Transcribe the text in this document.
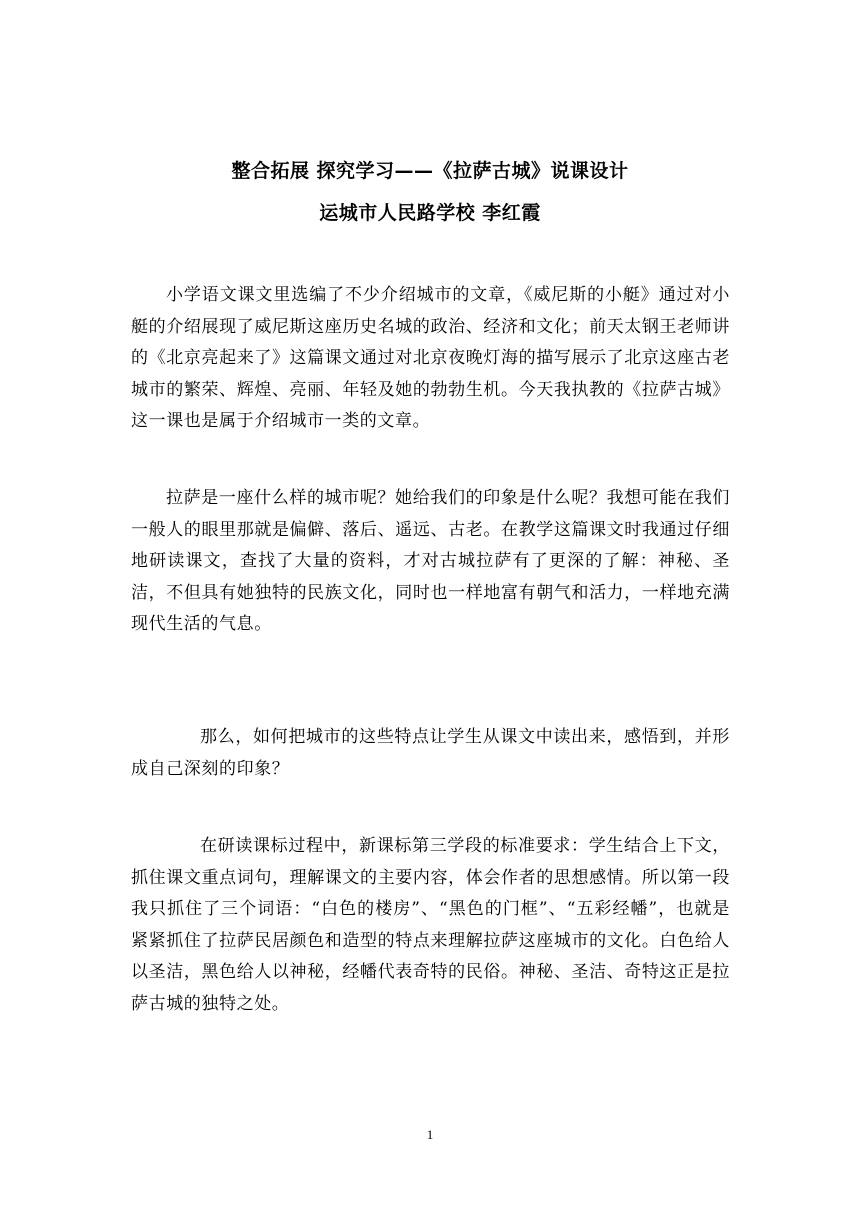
整合拓展 探究学习——《拉萨古城》说课设计
运城市人民路学校 李红霞

小学语文课文里选编了不少介绍城市的文章，《威尼斯的小艇》通过对小艇的介绍展现了威尼斯这座历史名城的政治、经济和文化；前天太钢王老师讲的《北京亮起来了》这篇课文通过对北京夜晚灯海的描写展示了北京这座古老城市的繁荣、辉煌、亮丽、年轻及她的勃勃生机。今天我执教的《拉萨古城》这一课也是属于介绍城市一类的文章。

拉萨是一座什么样的城市呢？她给我们的印象是什么呢？我想可能在我们一般人的眼里那就是偏僻、落后、遥远、古老。在教学这篇课文时我通过仔细地研读课文，查找了大量的资料，才对古城拉萨有了更深的了解：神秘、圣洁，不但具有她独特的民族文化，同时也一样地富有朝气和活力，一样地充满现代生活的气息。

那么，如何把城市的这些特点让学生从课文中读出来，感悟到，并形成自己深刻的印象？

在研读课标过程中，新课标第三学段的标准要求：学生结合上下文，抓住课文重点词句，理解课文的主要内容，体会作者的思想感情。所以第一段我只抓住了三个词语：“白色的楼房”、“黑色的门框”、“五彩经幡”，也就是紧紧抓住了拉萨民居颜色和造型的特点来理解拉萨这座城市的文化。白色给人以圣洁，黑色给人以神秘，经幡代表奇特的民俗。神秘、圣洁、奇特这正是拉萨古城的独特之处。

1
